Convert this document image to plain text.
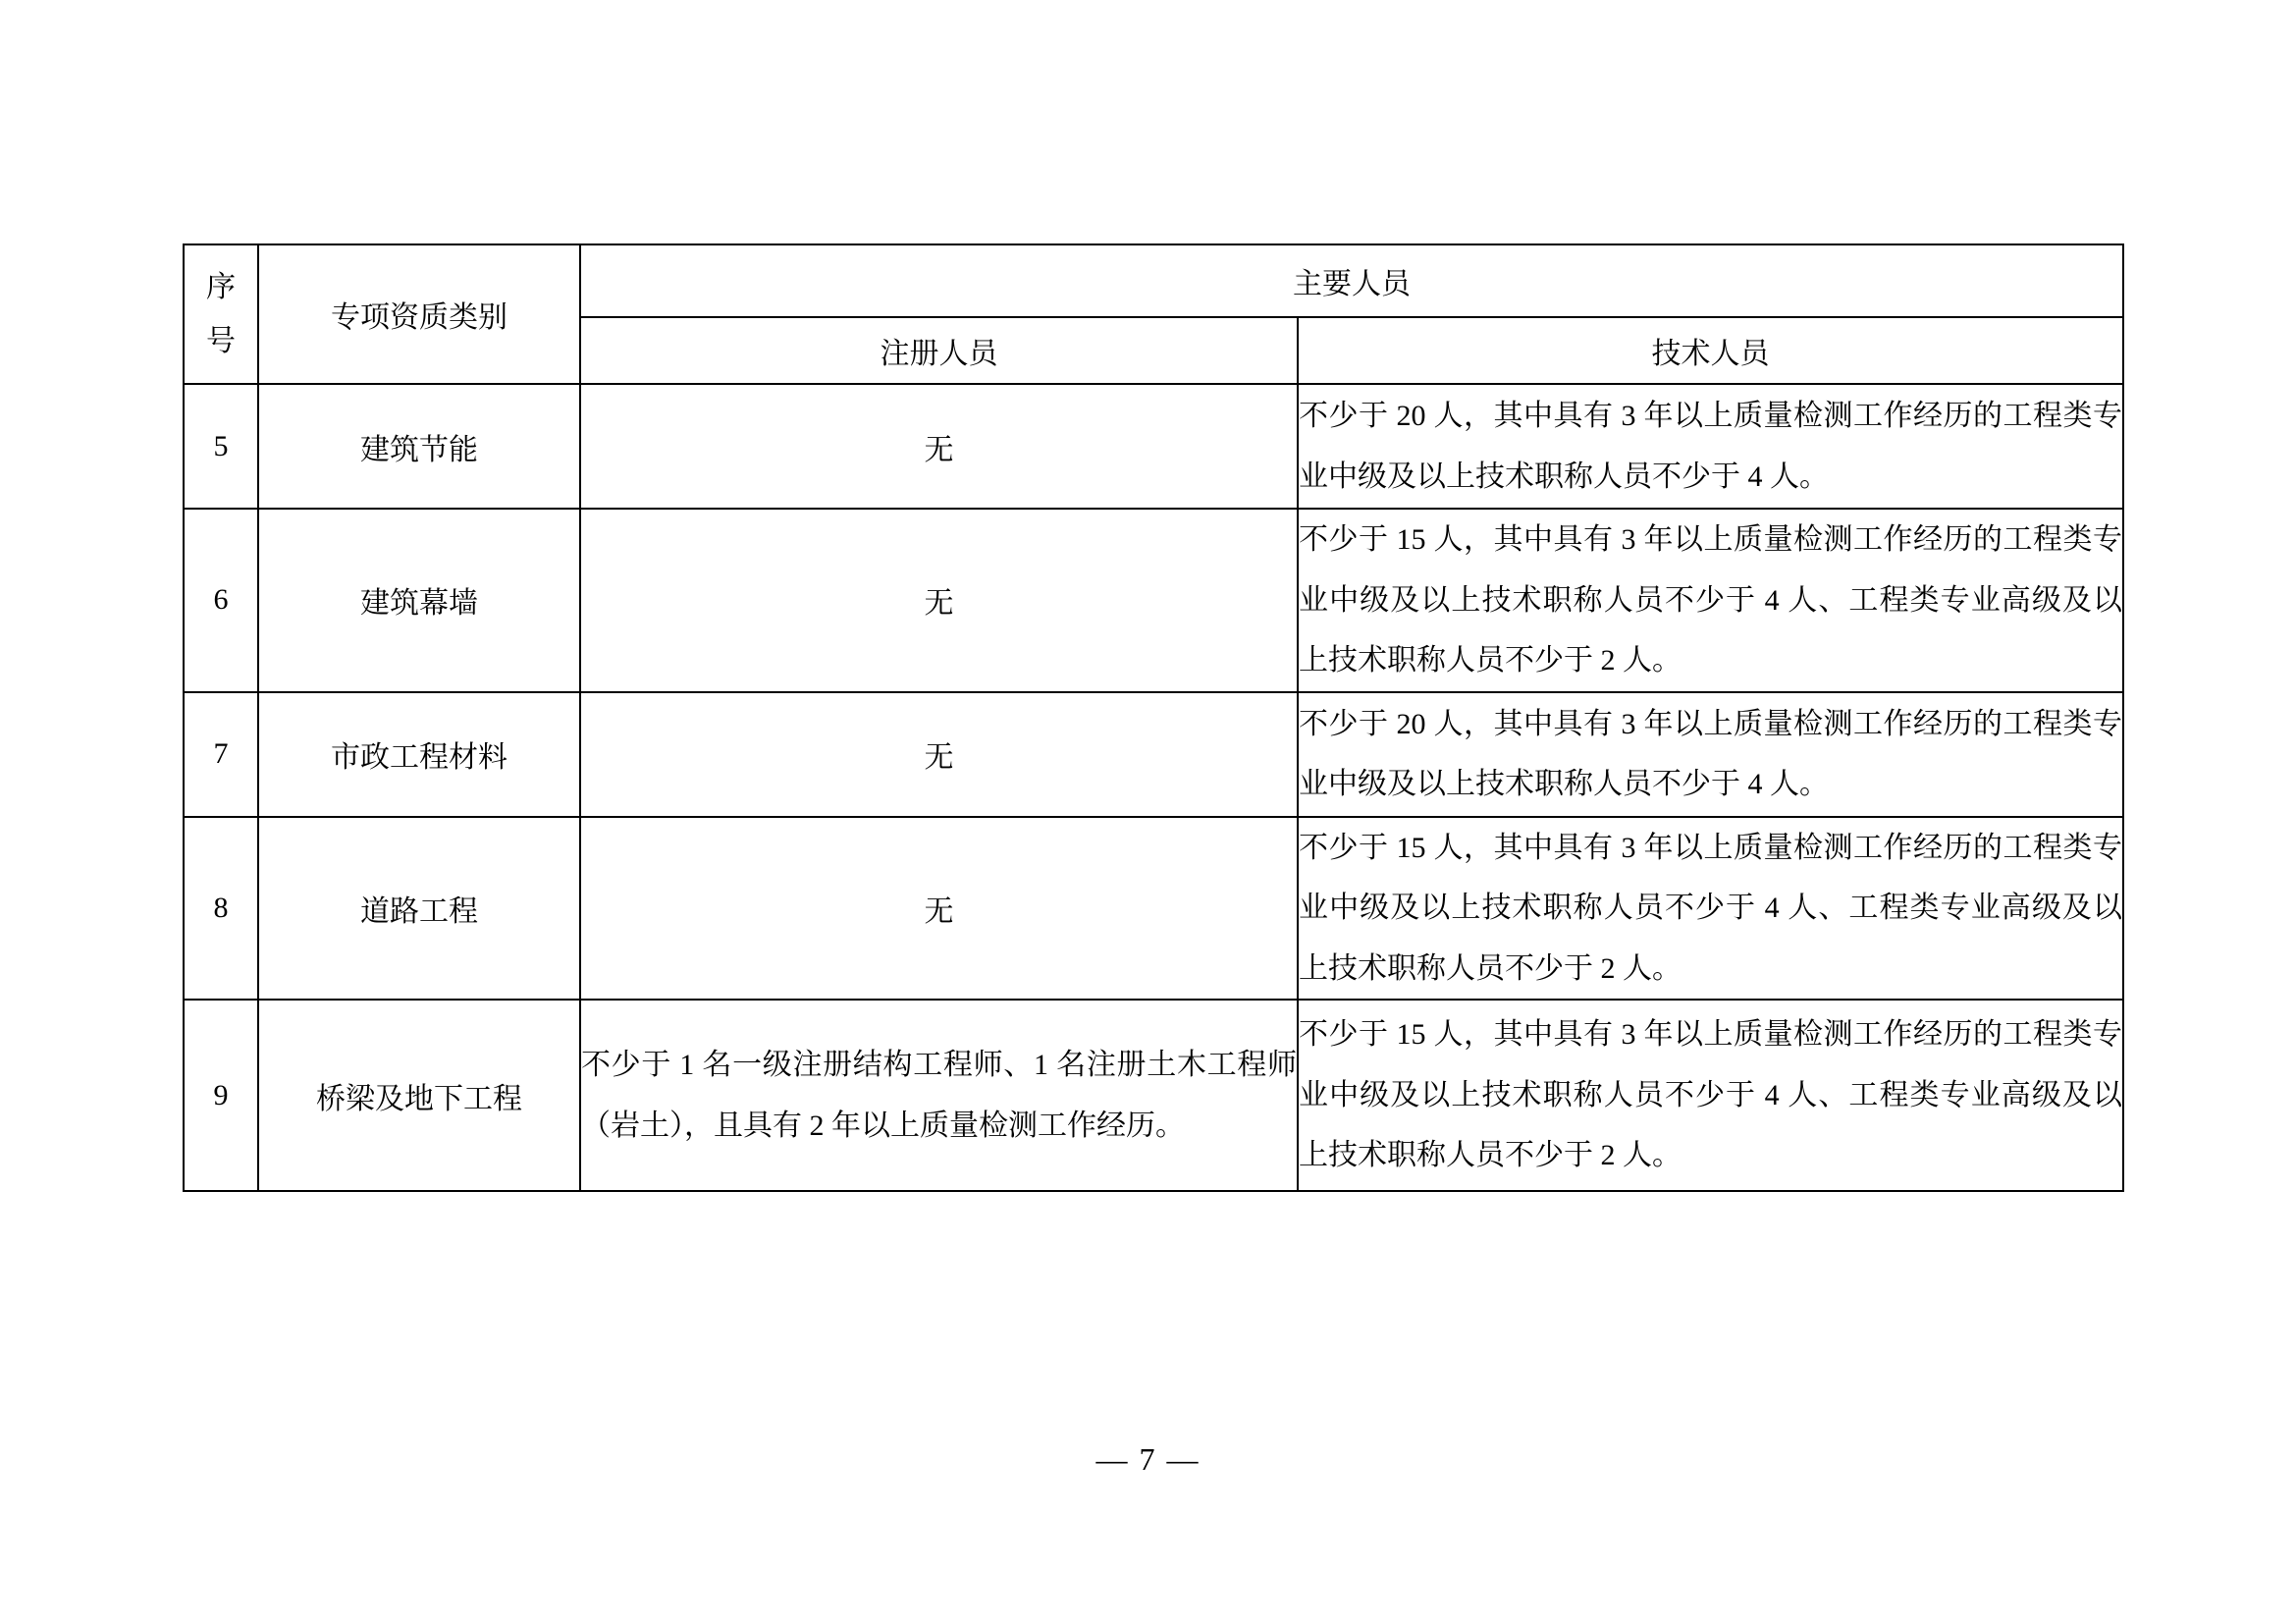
序号	专项资质类别	主要人员	
		注册人员	技术人员
5	建筑节能	无	不少于 20 人，其中具有 3 年以上质量检测工作经历的工程类专业中级及以上技术职称人员不少于 4 人。
6	建筑幕墙	无	不少于 15 人，其中具有 3 年以上质量检测工作经历的工程类专业中级及以上技术职称人员不少于 4 人、工程类专业高级及以上技术职称人员不少于 2 人。
7	市政工程材料	无	不少于 20 人，其中具有 3 年以上质量检测工作经历的工程类专业中级及以上技术职称人员不少于 4 人。
8	道路工程	无	不少于 15 人，其中具有 3 年以上质量检测工作经历的工程类专业中级及以上技术职称人员不少于 4 人、工程类专业高级及以上技术职称人员不少于 2 人。
9	桥梁及地下工程	不少于 1 名一级注册结构工程师、1 名注册土木工程师（岩土），且具有 2 年以上质量检测工作经历。	不少于 15 人，其中具有 3 年以上质量检测工作经历的工程类专业中级及以上技术职称人员不少于 4 人、工程类专业高级及以上技术职称人员不少于 2 人。
— 7 —
